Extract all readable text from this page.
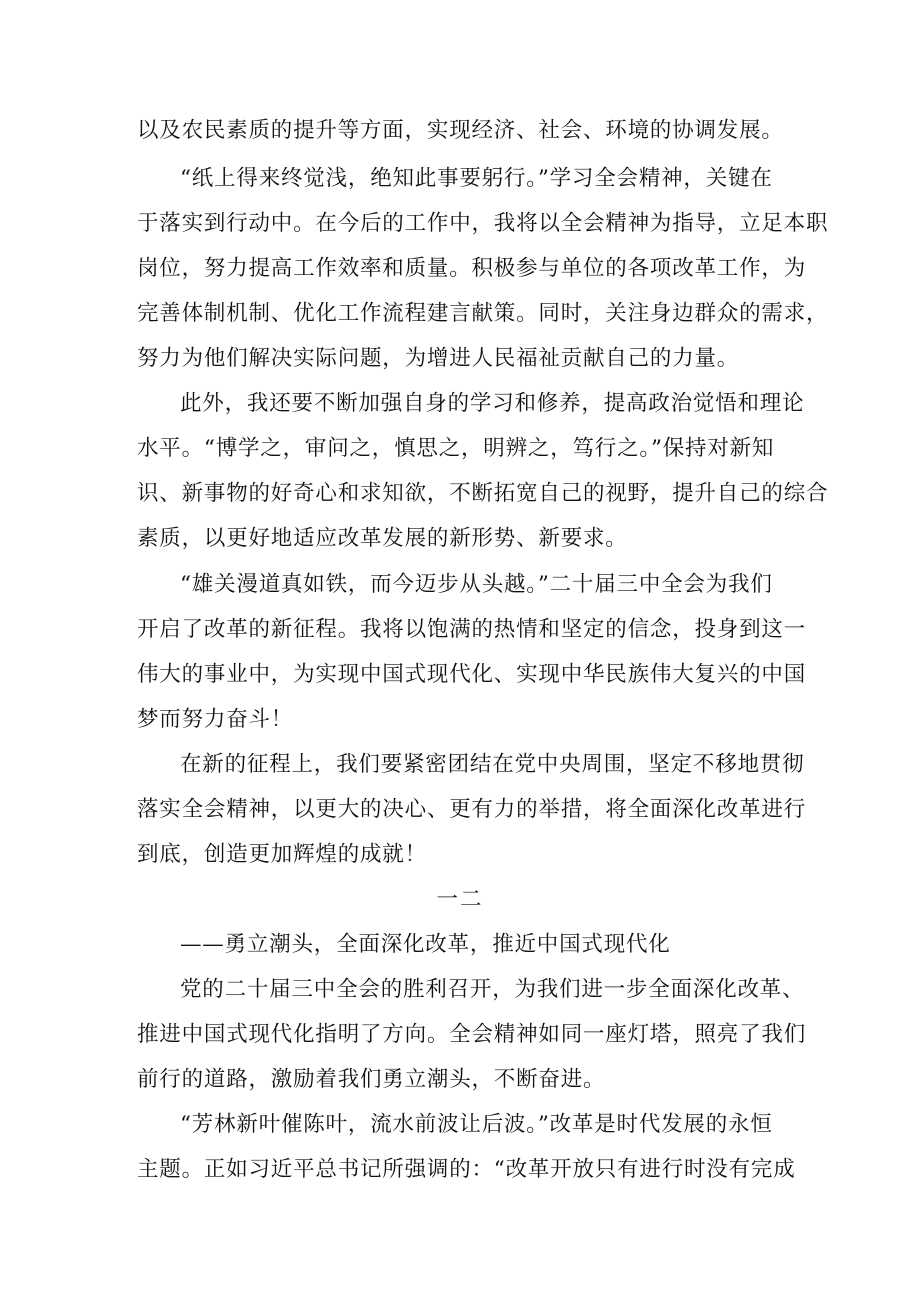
以及农民素质的提升等方面，实现经济、社会、环境的协调发展。
“纸上得来终觉浅，绝知此事要躬行。”学习全会精神，关键在
于落实到行动中。在今后的工作中，我将以全会精神为指导，立足本职
岗位，努力提高工作效率和质量。积极参与单位的各项改革工作，为
完善体制机制、优化工作流程建言献策。同时，关注身边群众的需求，
努力为他们解决实际问题，为增进人民福祉贡献自己的力量。
此外，我还要不断加强自身的学习和修养，提高政治觉悟和理论
水平。“博学之，审问之，慎思之，明辨之，笃行之。”保持对新知
识、新事物的好奇心和求知欲，不断拓宽自己的视野，提升自己的综合
素质，以更好地适应改革发展的新形势、新要求。
“雄关漫道真如铁，而今迈步从头越。”二十届三中全会为我们
开启了改革的新征程。我将以饱满的热情和坚定的信念，投身到这一
伟大的事业中，为实现中国式现代化、实现中华民族伟大复兴的中国
梦而努力奋斗！
在新的征程上，我们要紧密团结在党中央周围，坚定不移地贯彻
落实全会精神，以更大的决心、更有力的举措，将全面深化改革进行
到底，创造更加辉煌的成就！
一二
——勇立潮头，全面深化改革，推近中国式现代化
党的二十届三中全会的胜利召开，为我们进一步全面深化改革、
推进中国式现代化指明了方向。全会精神如同一座灯塔，照亮了我们
前行的道路，激励着我们勇立潮头，不断奋进。
“芳林新叶催陈叶，流水前波让后波。”改革是时代发展的永恒
主题。正如习近平总书记所强调的：“改革开放只有进行时没有完成
